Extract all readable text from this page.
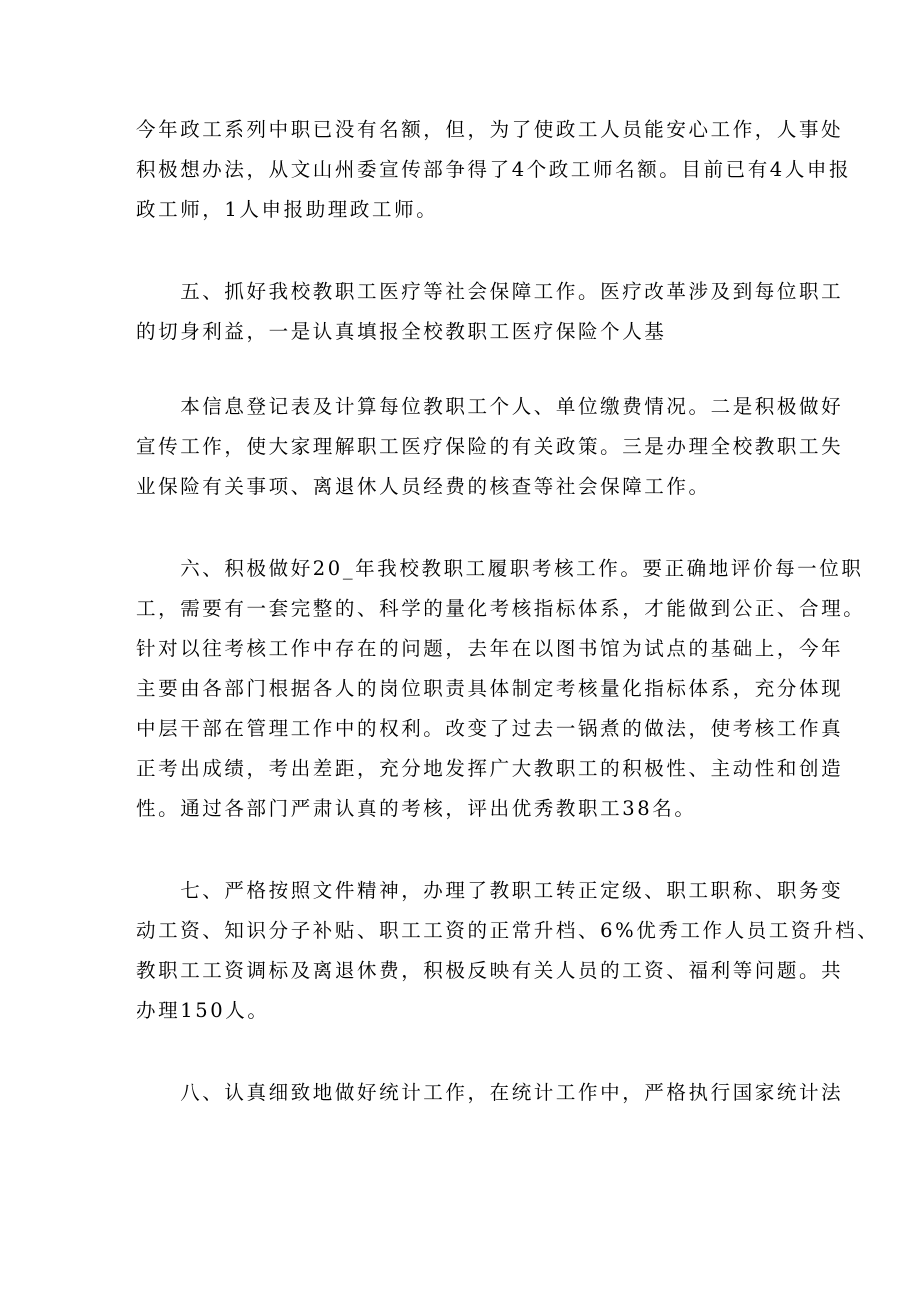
今年政工系列中职已没有名额，但，为了使政工人员能安心工作，人事处
积极想办法，从文山州委宣传部争得了4个政工师名额。目前已有4人申报
政工师，1人申报助理政工师。
　　五、抓好我校教职工医疗等社会保障工作。医疗改革涉及到每位职工
的切身利益，一是认真填报全校教职工医疗保险个人基
　　本信息登记表及计算每位教职工个人、单位缴费情况。二是积极做好
宣传工作，使大家理解职工医疗保险的有关政策。三是办理全校教职工失
业保险有关事项、离退休人员经费的核查等社会保障工作。
　　六、积极做好20_年我校教职工履职考核工作。要正确地评价每一位职
工，需要有一套完整的、科学的量化考核指标体系，才能做到公正、合理。
针对以往考核工作中存在的问题，去年在以图书馆为试点的基础上，今年
主要由各部门根据各人的岗位职责具体制定考核量化指标体系，充分体现
中层干部在管理工作中的权利。改变了过去一锅煮的做法，使考核工作真
正考出成绩，考出差距，充分地发挥广大教职工的积极性、主动性和创造
性。通过各部门严肃认真的考核，评出优秀教职工38名。
　　七、严格按照文件精神，办理了教职工转正定级、职工职称、职务变
动工资、知识分子补贴、职工工资的正常升档、6%优秀工作人员工资升档、
教职工工资调标及离退休费，积极反映有关人员的工资、福利等问题。共
办理150人。
　　八、认真细致地做好统计工作，在统计工作中，严格执行国家统计法
